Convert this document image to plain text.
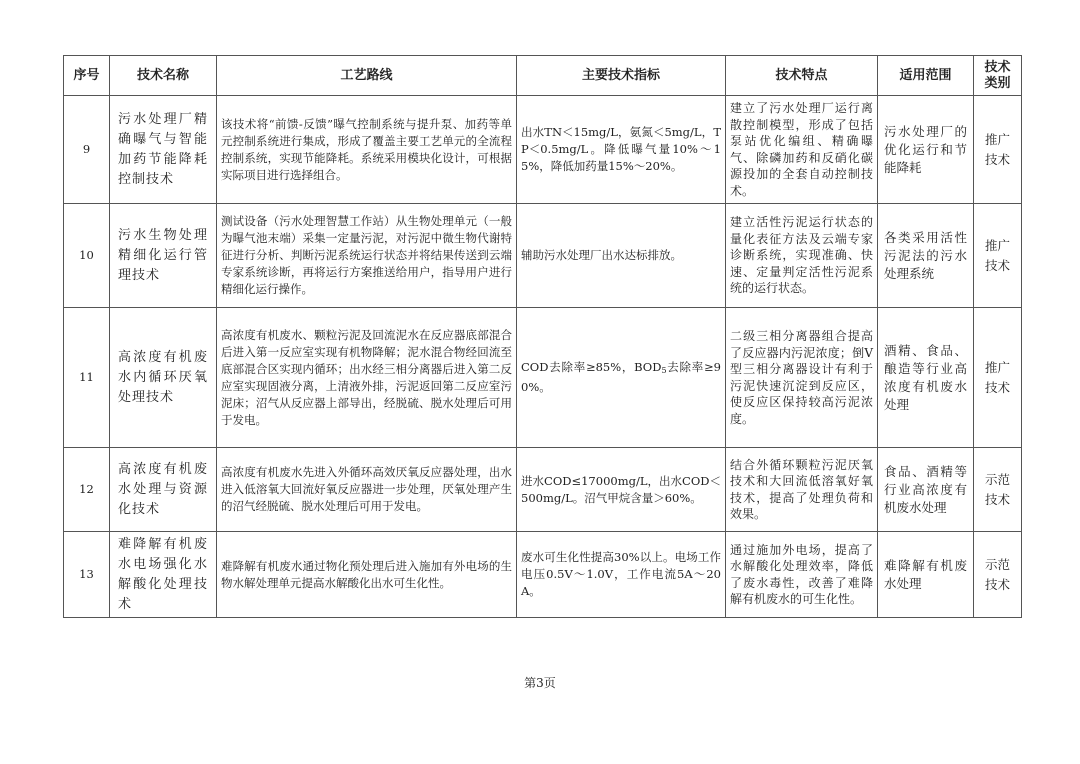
序号	技术名称	工艺路线	主要技术指标	技术特点	适用范围	技术类别
9	污水处理厂精确曝气与智能加药节能降耗控制技术	该技术将“前馈-反馈”曝气控制系统与提升泵、加药等单元控制系统进行集成，形成了覆盖主要工艺单元的全流程控制系统，实现节能降耗。系统采用模块化设计，可根据实际项目进行选择组合。	出水TN＜15mg/L，氨氮＜5mg/L，TP＜0.5mg/L。降低曝气量10%～15%，降低加药量15%～20%。	建立了污水处理厂运行离散控制模型，形成了包括泵站优化编组、精确曝气、除磷加药和反硝化碳源投加的全套自动控制技术。	污水处理厂的优化运行和节能降耗	推广技术
10	污水生物处理精细化运行管理技术	测试设备（污水处理智慧工作站）从生物处理单元（一般为曝气池末端）采集一定量污泥，对污泥中微生物代谢特征进行分析、判断污泥系统运行状态并将结果传送到云端专家系统诊断，再将运行方案推送给用户，指导用户进行精细化运行操作。	辅助污水处理厂出水达标排放。	建立活性污泥运行状态的量化表征方法及云端专家诊断系统，实现准确、快速、定量判定活性污泥系统的运行状态。	各类采用活性污泥法的污水处理系统	推广技术
11	高浓度有机废水内循环厌氧处理技术	高浓度有机废水、颗粒污泥及回流泥水在反应器底部混合后进入第一反应室实现有机物降解；泥水混合物经回流至底部混合区实现内循环；出水经三相分离器后进入第二反应室实现固液分离，上清液外排，污泥返回第二反应室污泥床；沼气从反应器上部导出，经脱硫、脱水处理后可用于发电。	COD去除率≥85%，$BOD_5$去除率≥90%。	二级三相分离器组合提高了反应器内污泥浓度；倒V型三相分离器设计有利于污泥快速沉淀到反应区，使反应区保持较高污泥浓度。	酒精、食品、酿造等行业高浓度有机废水处理	推广技术
12	高浓度有机废水处理与资源化技术	高浓度有机废水先进入外循环高效厌氧反应器处理，出水进入低溶氧大回流好氧反应器进一步处理，厌氧处理产生的沼气经脱硫、脱水处理后可用于发电。	进水COD≤17000mg/L，出水COD＜500mg/L。沼气甲烷含量＞60%。	结合外循环颗粒污泥厌氧技术和大回流低溶氧好氧技术，提高了处理负荷和效果。	食品、酒精等行业高浓度有机废水处理	示范技术
13	难降解有机废水电场强化水解酸化处理技术	难降解有机废水通过物化预处理后进入施加有外电场的生物水解处理单元提高水解酸化出水可生化性。	废水可生化性提高30%以上。电场工作电压0.5V～1.0V，工作电流5A～20A。	通过施加外电场，提高了水解酸化处理效率，降低了废水毒性，改善了难降解有机废水的可生化性。	难降解有机废水处理	示范技术
第3页
